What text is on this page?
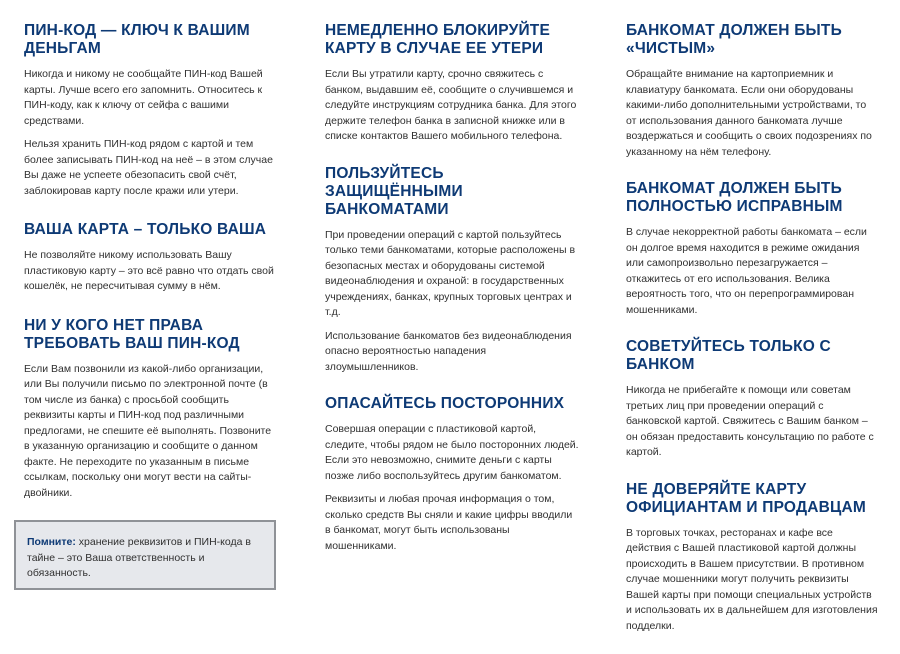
ПИН-КОД — КЛЮЧ К ВАШИМ ДЕНЬГАМ

Никогда и никому не сообщайте ПИН-код Вашей карты. Лучше всего его запомнить. Относитесь к ПИН-коду, как к ключу от сейфа с вашими средствами.

Нельзя хранить ПИН-код рядом с картой и тем более записывать ПИН-код на неё – в этом случае Вы даже не успеете обезопасить свой счёт, заблокировав карту после кражи или утери.

ВАША КАРТА – ТОЛЬКО ВАША

Не позволяйте никому использовать Вашу пластиковую карту – это всё равно что отдать свой кошелёк, не пересчитывая сумму в нём.

НИ У КОГО НЕТ ПРАВА ТРЕБОВАТЬ ВАШ ПИН-КОД

Если Вам позвонили из какой-либо организации, или Вы получили письмо по электронной почте (в том числе из банка) с просьбой сообщить реквизиты карты и ПИН-код под различными предлогами, не спешите её выполнять. Позвоните в указанную организацию и сообщите о данном факте. Не переходите по указанным в письме ссылкам, поскольку они могут вести на сайты-двойники.

Помните: хранение реквизитов и ПИН-кода в тайне – это Ваша ответственность и обязанность.
НЕМЕДЛЕННО БЛОКИРУЙТЕ КАРТУ В СЛУЧАЕ ЕЕ УТЕРИ

Если Вы утратили карту, срочно свяжитесь с банком, выдавшим её, сообщите о случившемся и следуйте инструкциям сотрудника банка. Для этого держите телефон банка в записной книжке или в списке контактов Вашего мобильного телефона.

ПОЛЬЗУЙТЕСЬ ЗАЩИЩЁННЫМИ БАНКОМАТАМИ

При проведении операций с картой пользуйтесь только теми банкоматами, которые расположены в безопасных местах и оборудованы системой видеонаблюдения и охраной: в государственных учреждениях, банках, крупных торговых центрах и т.д.

Использование банкоматов без видеонаблюдения опасно вероятностью нападения злоумышленников.

ОПАСАЙТЕСЬ ПОСТОРОННИХ

Совершая операции с пластиковой картой, следите, чтобы рядом не было посторонних людей. Если это невозможно, снимите деньги с карты позже либо воспользуйтесь другим банкоматом.

Реквизиты и любая прочая информация о том, сколько средств Вы сняли и какие цифры вводили в банкомат, могут быть использованы мошенниками.

БАНКОМАТ ДОЛЖЕН БЫТЬ «ЧИСТЫМ»

Обращайте внимание на картоприемник и клавиатуру банкомата. Если они оборудованы какими-либо дополнительными устройствами, то от использования данного банкомата лучше воздержаться и сообщить о своих подозрениях по указанному на нём телефону.

БАНКОМАТ ДОЛЖЕН БЫТЬ ПОЛНОСТЬЮ ИСПРАВНЫМ

В случае некорректной работы банкомата – если он долгое время находится в режиме ожидания или самопроизвольно перезагружается – откажитесь от его использования. Велика вероятность того, что он перепрограммирован мошенниками.

СОВЕТУЙТЕСЬ ТОЛЬКО С БАНКОМ

Никогда не прибегайте к помощи или советам третьих лиц при проведении операций с банковской картой. Свяжитесь с Вашим банком – он обязан предоставить консультацию по работе с картой.

НЕ ДОВЕРЯЙТЕ КАРТУ ОФИЦИАНТАМ И ПРОДАВЦАМ

В торговых точках, ресторанах и кафе все действия с Вашей пластиковой картой должны происходить в Вашем присутствии. В противном случае мошенники могут получить реквизиты Вашей карты при помощи специальных устройств и использовать их в дальнейшем для изготовления подделки.
